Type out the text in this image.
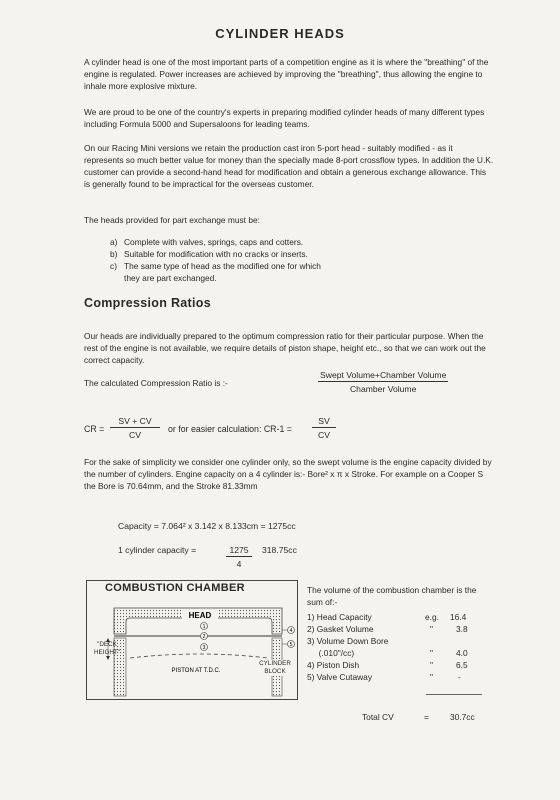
CYLINDER HEADS

A cylinder head is one of the most important parts of a competition engine as it is where the "breathing" of the engine is regulated. Power increases are achieved by improving the "breathing", thus allowing the engine to inhale more explosive mixture.

We are proud to be one of the country's experts in preparing modified cylinder heads of many different types including Formula 5000 and Supersaloons for leading teams.

On our Racing Mini versions we retain the production cast iron 5-port head - suitably modified - as it represents so much better value for money than the specially made 8-port crossflow types. In addition the U.K. customer can provide a second-hand head for modification and obtain a generous exchange allowance. This is generally found to be impractical for the overseas customer.

The heads provided for part exchange must be:

a) Complete with valves, springs, caps and cotters.
b) Suitable for modification with no cracks or inserts.
c) The same type of head as the modified one for which
they are part exchanged.
Compression Ratios

Our heads are individually prepared to the optimum compression ratio for their particular purpose. When the rest of the engine is not available, we require details of piston shape, height etc., so that we can work out the correct capacity.

The calculated Compression Ratio is :-
Swept Volume+Chamber Volume
Chamber Volume
CR = $\frac{SV + CV}{CV}$ or for easier calculation: $CR-1 = \frac{SV}{CV}$

For the sake of simplicity we consider one cylinder only, so the swept volume is the engine capacity divided by the number of cylinders. Engine capacity on a 4 cylinder is:- Bore² x π x Stroke. For example on a Cooper S the Bore is 70.64mm, and the Stroke 81.33mm

Capacity = 7.064² x 3.142 x 8.133cm = 1275cc
1 cylinder capacity =	$\frac{1275}{4} 318.75cc$
COMBUSTION CHAMBER
1
2
3
4
5
HEAD
PISTON AT T.D.C.
"DECK HEIGHT"
CYLINDER BLOCK
The volume of the combustion chamber is the sum of:-
1) Head Capacity	e.g. 16.4
2) Gasket Volume	"	3.8
3) Volume Down Bore
(.010"/cc)	"	4.0
4) Piston Dish	"	6.5
5) Valve Cutaway	"	-
Total CV	=	30.7cc
